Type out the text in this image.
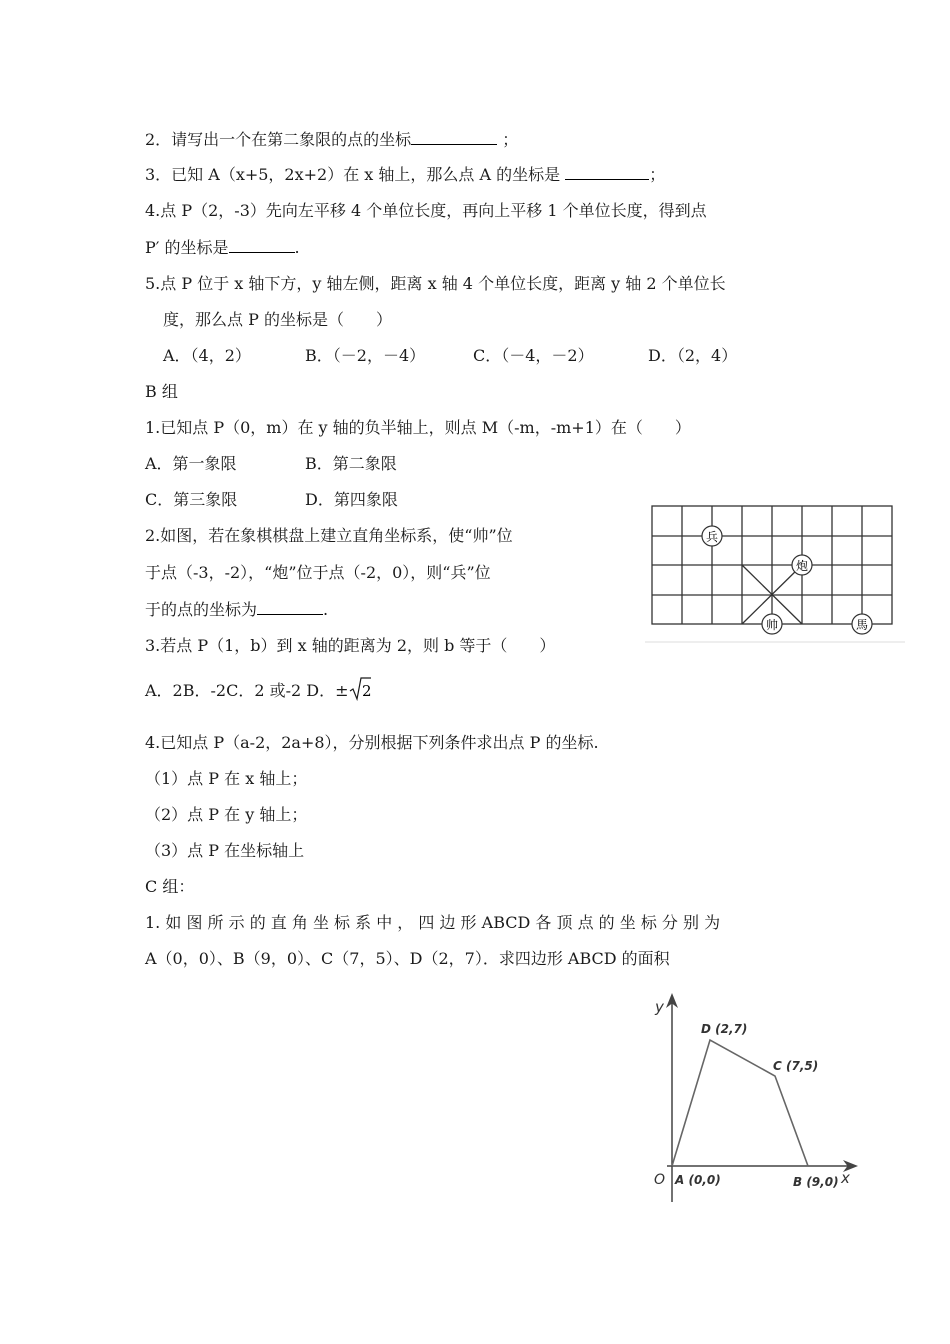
2．请写出一个在第二象限的点的坐标	；
3．已知 A（x+5，2x+2）在 x 轴上，那么点 A 的坐标是	；
4.点 P（2，-3）先向左平移 4 个单位长度，再向上平移 1 个单位长度，得到点
P′ 的坐标是	.
5.点 P 位于 x 轴下方，y 轴左侧，距离 x 轴 4 个单位长度，距离 y 轴 2 个单位长
度，那么点 P 的坐标是（　　）
A．（4，2）	B．（－2，－4）	C．（－4，－2）	D．（2，4）
B 组
1.已知点 P（0，m）在 y 轴的负半轴上，则点 M（-m，-m+1）在（　　）
A．第一象限	B．第二象限
C．第三象限	D．第四象限
2.如图，若在象棋棋盘上建立直角坐标系，使“帅”位
于点（-3，-2），“炮”位于点（-2，0），则“兵”位
于的点的坐标为	.
3.若点 P（1，b）到 x 轴的距离为 2，则 b 等于（　　）
A．2B．-2C．2 或-2 D．± 2
4.已知点 P（a-2，2a+8），分别根据下列条件求出点 P 的坐标.
（1）点 P 在 x 轴上；
（2）点 P 在 y 轴上；
（3）点 P 在坐标轴上
C 组：
1. 如 图 所 示 的 直 角 坐 标 系 中 ， 四 边 形 ABCD 各 顶 点 的 坐 标 分 别 为
A（0，0）、B（9，0）、C（7，5）、D（2，7）．求四边形 ABCD 的面积
兵
炮
帅	馬
y
x
O A (0,0)	B (9,0)
C (7,5)
D (2,7)
